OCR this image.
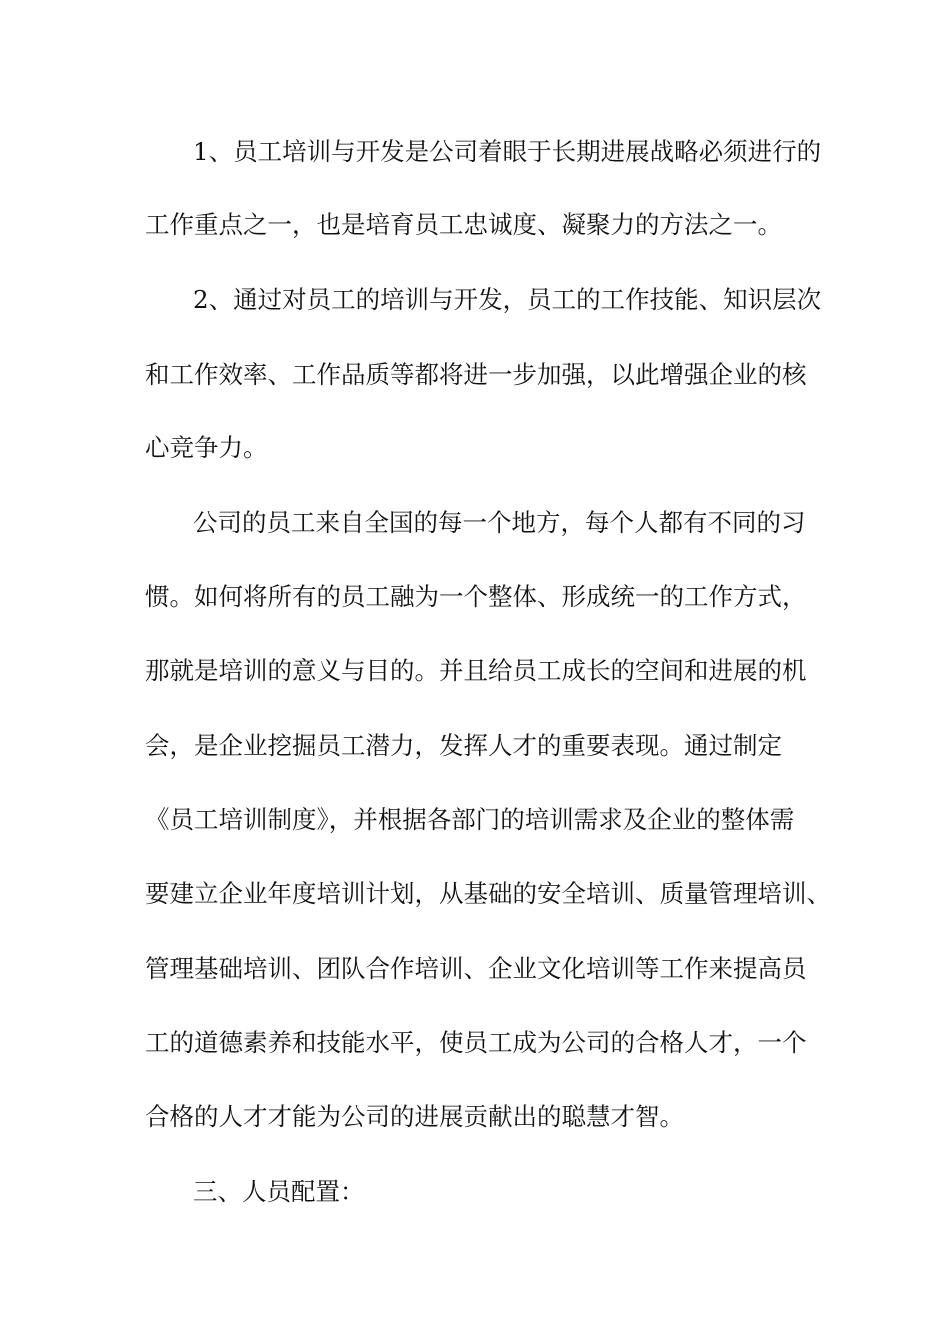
1、员工培训与开发是公司着眼于长期进展战略必须进行的
工作重点之一，也是培育员工忠诚度、凝聚力的方法之一。
2、通过对员工的培训与开发，员工的工作技能、知识层次
和工作效率、工作品质等都将进一步加强，以此增强企业的核
心竞争力。
公司的员工来自全国的每一个地方，每个人都有不同的习
惯。如何将所有的员工融为一个整体、形成统一的工作方式，
那就是培训的意义与目的。并且给员工成长的空间和进展的机
会，是企业挖掘员工潜力，发挥人才的重要表现。通过制定
《员工培训制度》，并根据各部门的培训需求及企业的整体需
要建立企业年度培训计划，从基础的安全培训、质量管理培训、
管理基础培训、团队合作培训、企业文化培训等工作来提高员
工的道德素养和技能水平，使员工成为公司的合格人才，一个
合格的人才才能为公司的进展贡献出的聪慧才智。
三、人员配置：
